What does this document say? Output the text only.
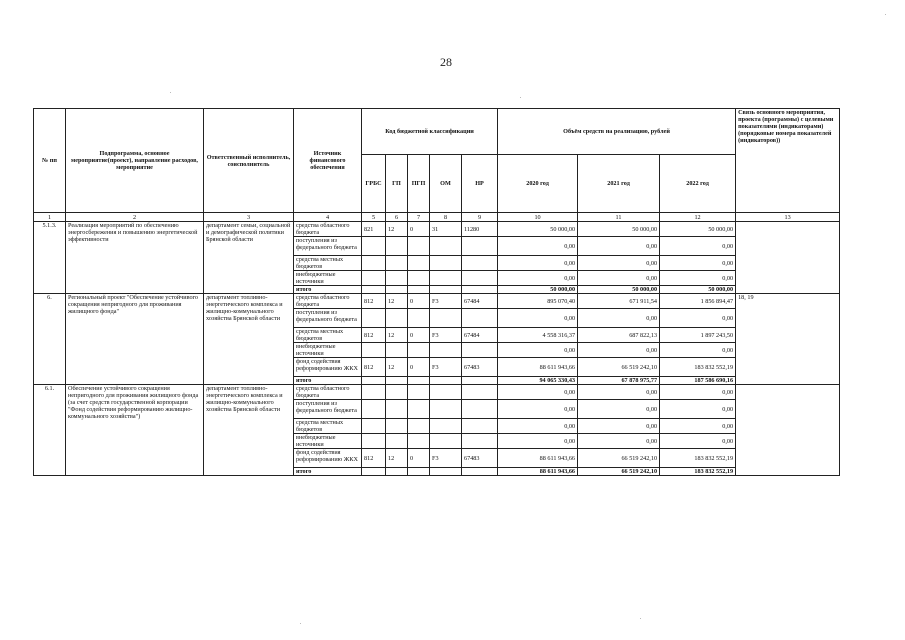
28
№ пп	Подпрограмма, основное мероприятие(проект), направление расходов, мероприятие	Ответственный исполнитель, соисполнитель	Источник финансового обеспечения	Код бюджетной классификации					Объём средств на реализацию, рублей			Связь основного мероприятия, проекта (программы) с целевыми показателями (индикаторами) (порядковые номера показателей (индикаторов))
				ГРБС	ГП	ПГП	ОМ	НР	2020 год	2021 год	2022 год	
1	2	3	4	5	6	7	8	9	10	11	12	13
5.1.3.	Реализация мероприятий по обеспечению энергосбережения и повышению энергетической эффективности	департамент семьи, социальной и демографической политики Брянской области	средства областного бюджета	821	12	0	31	11280	50 000,00	50 000,00	50 000,00	
			поступления из федерального бюджета						0,00	0,00	0,00	
			средства местных бюджетов						0,00	0,00	0,00	
			внебюджетные источники						0,00	0,00	0,00	
			итого						50 000,00	50 000,00	50 000,00	
6.	Региональный проект "Обеспечение устойчивого сокращения непригодного для проживания жилищного фонда"	департамент топливно-энергетического комплекса и жилищно-коммунального хозяйства Брянской области	средства областного бюджета	812	12	0	F3	67484	895 070,40	671 911,54	1 856 894,47	18, 19
			поступления из федерального бюджета						0,00	0,00	0,00	
			средства местных бюджетов	812	12	0	F3	67484	4 558 316,37	687 822,13	1 897 243,50	
			внебюджетные источники						0,00	0,00	0,00	
			фонд содействия реформированию ЖКХ	812	12	0	F3	67483	88 611 943,66	66 519 242,10	183 832 552,19	
			итого						94 065 330,43	67 878 975,77	187 586 690,16	
6.1.	Обеспечение устойчивого сокращения непригодного для проживания жилищного фонда (за счет средств государственной корпорации "Фонд содействия реформированию жилищно-коммунального хозяйства")	департамент топливно-энергетического комплекса и жилищно-коммунального хозяйства Брянской области	средства областного бюджета						0,00	0,00	0,00	
			поступления из федерального бюджета						0,00	0,00	0,00	
			средства местных бюджетов						0,00	0,00	0,00	
			внебюджетные источники						0,00	0,00	0,00	
			фонд содействия реформированию ЖКХ	812	12	0	F3	67483	88 611 943,66	66 519 242,10	183 832 552,19	
			итого						88 611 943,66	66 519 242,10	183 832 552,19	
